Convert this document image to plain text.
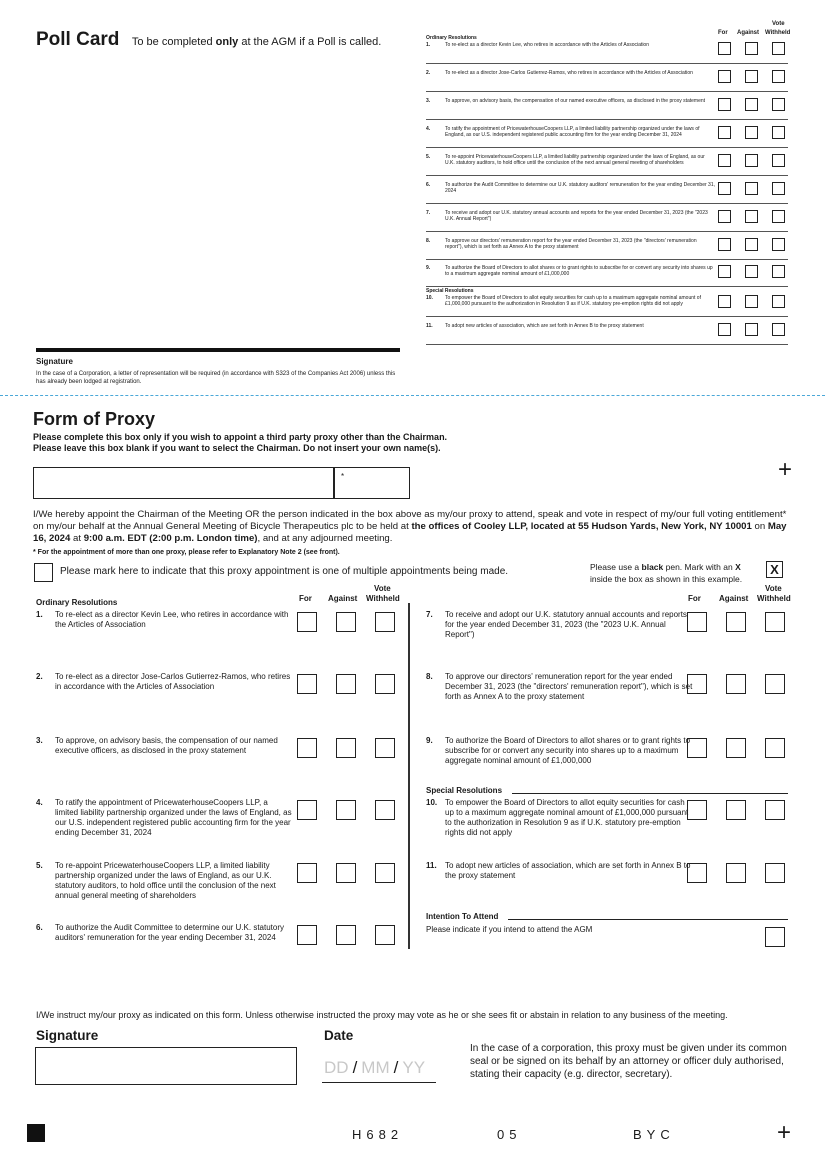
Poll Card To be completed only at the AGM if a Poll is called.	1.	To re-elect as a director Kevin Lee, who retires in accordance with the Articles of Association
2.	To re-elect as a director Jose-Carlos Gutierrez-Ramos, who retires in accordance with the Articles of Association
3.	To approve, on advisory basis, the compensation of our named executive officers, as disclosed in the proxy statement
4.	To ratify the appointment of PricewaterhouseCoopers LLP, a limited liability partnership organized under the laws of England, as our U.S. independent registered public accounting firm for the year ending December 31, 2024
5.	To re-appoint PricewaterhouseCoopers LLP, a limited liability partnership organized under the laws of England, as our U.K. statutory auditors, to hold office until the conclusion of the next annual general meeting of shareholders
6.	To authorize the Audit Committee to determine our U.K. statutory auditors' remuneration for the year ending December 31, 2024
7.	To receive and adopt our U.K. statutory annual accounts and reports for the year ended December 31, 2023 (the "2023 U.K. Annual Report")
8.	To approve our directors' remuneration report for the year ended December 31, 2023 (the "directors' remuneration report"), which is set forth as Annex A to the proxy statement
9.	To authorize the Board of Directors to allot shares or to grant rights to subscribe for or convert any security into shares up to a maximum aggregate nominal amount of £1,000,000
10. To empower the Board of Directors to allot equity securities for cash up to a maximum aggregate nominal amount of £1,000,000 pursuant to the authorization in Resolution 9 as if U.K. statutory pre-emption rights did not apply
11. To adopt new articles of association, which are set forth in Annex B to the proxy statement
Special Resolutions
Signature
In the case of a Corporation, a letter of representation will be required (in accordance with S323 of the Companies Act 2006) unless this has already been lodged at registration.
Form of Proxy
Please complete this box only if you wish to appoint a third party proxy other than the Chairman.
Please leave this box blank if you want to select the Chairman. Do not insert your own name(s).
*	+
I/We hereby appoint the Chairman of the Meeting OR the person indicated in the box above as my/our proxy to attend, speak and vote in respect of my/our full voting entitlement* on my/our behalf at the Annual General Meeting of Bicycle Therapeutics plc to be held at the offices of Cooley LLP, located at 55 Hudson Yards, New York, NY 10001 on May 16, 2024 at 9:00 a.m. EDT (2:00 p.m. London time), and at any adjourned meeting.
* For the appointment of more than one proxy, please refer to Explanatory Note 2 (see front).
Please mark here to indicate that this proxy appointment is one of multiple appointments being made.	Please use a black pen. Mark with an X
inside the box as shown in this example.
X
For Against
Vote
Withheld	For Against
Vote
Withheld
Ordinary Resolutions
1. To re-elect as a director Kevin Lee, who retires in accordance with the Articles of Association
2. To re-elect as a director Jose-Carlos Gutierrez-Ramos, who retires in accordance with the Articles of Association
3. To approve, on advisory basis, the compensation of our named executive officers, as disclosed in the proxy statement
4. To ratify the appointment of PricewaterhouseCoopers LLP, a limited liability partnership organized under the laws of England, as our U.S. independent registered public accounting firm for the year ending December 31, 2024
5. To re-appoint PricewaterhouseCoopers LLP, a limited liability partnership organized under the laws of England, as our U.K. statutory auditors, to hold office until the conclusion of the next annual general meeting of shareholders
6. To authorize the Audit Committee to determine our U.K. statutory auditors' remuneration for the year ending December 31, 2024
7. To receive and adopt our U.K. statutory annual accounts and reports for the year ended December 31, 2023 (the "2023 U.K. Annual Report")
8. To approve our directors' remuneration report for the year ended December 31, 2023 (the "directors' remuneration report"), which is set forth as Annex A to the proxy statement
9. To authorize the Board of Directors to allot shares or to grant rights to subscribe for or convert any security into shares up to a maximum aggregate nominal amount of £1,000,000
10. To empower the Board of Directors to allot equity securities for cash up to a maximum aggregate nominal amount of £1,000,000 pursuant to the authorization in Resolution 9 as if U.K. statutory pre-emption rights did not apply
11. To adopt new articles of association, which are set forth in Annex B to the proxy statement
Special Resolutions
Intention To Attend
Please indicate if you intend to attend the AGM
I/We instruct my/our proxy as indicated on this form. Unless otherwise instructed the proxy may vote as he or she sees fit or abstain in relation to any business of the meeting.
Signature	Date
DD / MM / YY
In the case of a corporation, this proxy must be given under its common seal or be signed on its behalf by an attorney or officer duly authorised, stating their capacity (e.g. director, secretary).
H682	05	BYC	+
For Against
Vote
Withheld
Ordinary Resolutions
